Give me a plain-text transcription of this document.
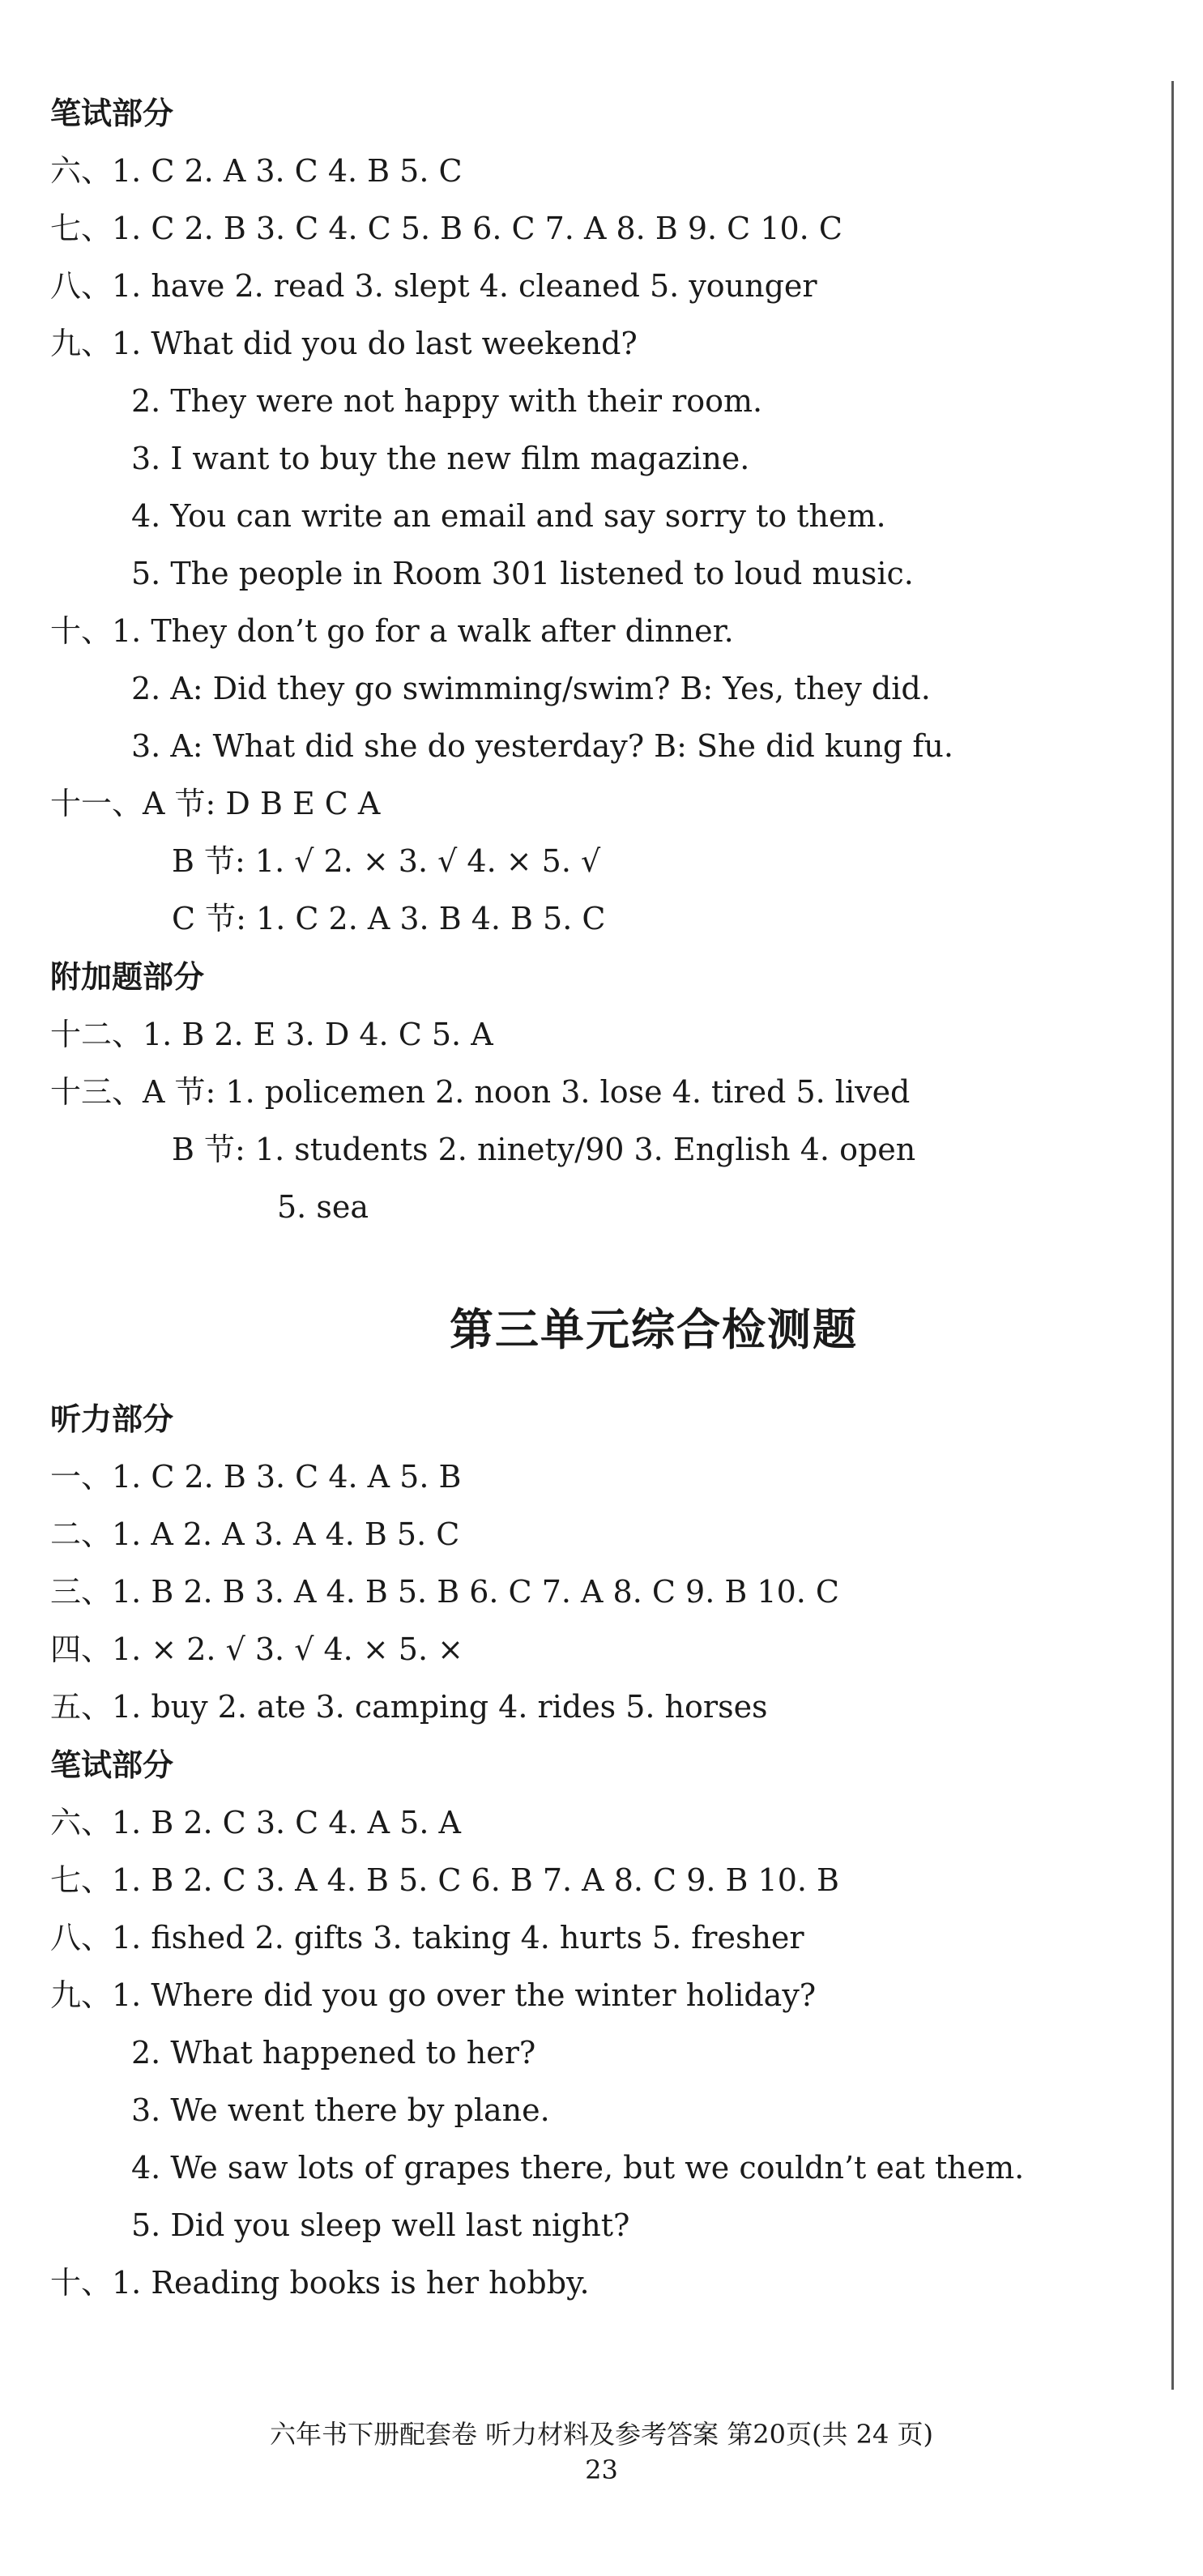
笔试部分
六、1. C 2. A 3. C 4. B 5. C
七、1. C 2. B 3. C 4. C 5. B 6. C 7. A 8. B 9. C 10. C
八、1. have 2. read 3. slept 4. cleaned 5. younger
九、1. What did you do last weekend?
2. They were not happy with their room.
3. I want to buy the new film magazine.
4. You can write an email and say sorry to them.
5. The people in Room 301 listened to loud music.
十、1. They don’t go for a walk after dinner.
2. A: Did they go swimming/swim? B: Yes, they did.
3. A: What did she do yesterday? B: She did kung fu.
十一、A 节: D B E C A
B 节: 1. √ 2. × 3. √ 4. × 5. √
C 节: 1. C 2. A 3. B 4. B 5. C
附加题部分
十二、1. B 2. E 3. D 4. C 5. A
十三、A 节: 1. policemen 2. noon 3. lose 4. tired 5. lived
B 节: 1. students 2. ninety/90 3. English 4. open
5. sea
第三单元综合检测题
听力部分
一、1. C 2. B 3. C 4. A 5. B
二、1. A 2. A 3. A 4. B 5. C
三、1. B 2. B 3. A 4. B 5. B 6. C 7. A 8. C 9. B 10. C
四、1. × 2. √ 3. √ 4. × 5. ×
五、1. buy 2. ate 3. camping 4. rides 5. horses
笔试部分
六、1. B 2. C 3. C 4. A 5. A
七、1. B 2. C 3. A 4. B 5. C 6. B 7. A 8. C 9. B 10. B
八、1. fished 2. gifts 3. taking 4. hurts 5. fresher
九、1. Where did you go over the winter holiday?
2. What happened to her?
3. We went there by plane.
4. We saw lots of grapes there, but we couldn’t eat them.
5. Did you sleep well last night?
十、1. Reading books is her hobby.
六年书下册配套卷 听力材料及参考答案 第20页(共 24 页)
23
